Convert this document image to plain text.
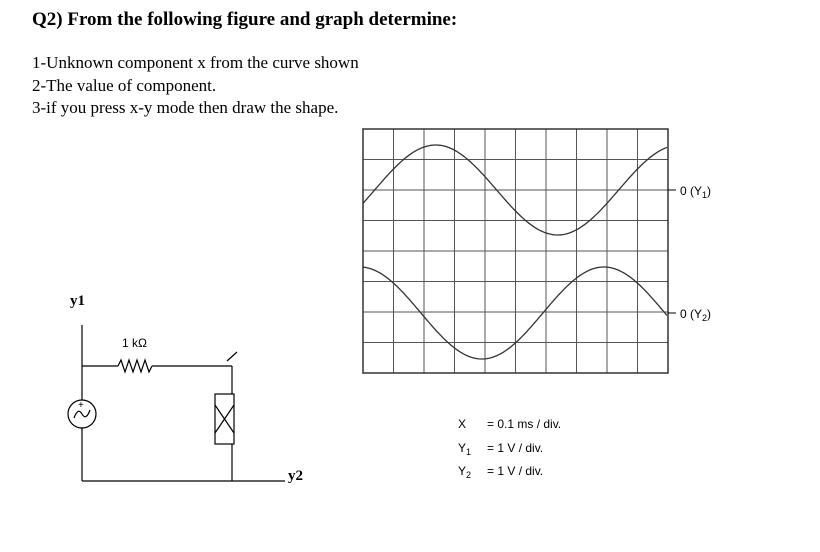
Q2) From the following figure and graph determine:
1-Unknown component x from the curve shown
2-The value of component.
3-if you press x-y mode then draw the shape.
y1
1 kΩ
+
y2
0 $(Y_1)$
0 $(Y_2)$
X = 0.1 ms / div.
$Y_1 = 1$ V / div.
$Y_2 = 1$ V / div.
